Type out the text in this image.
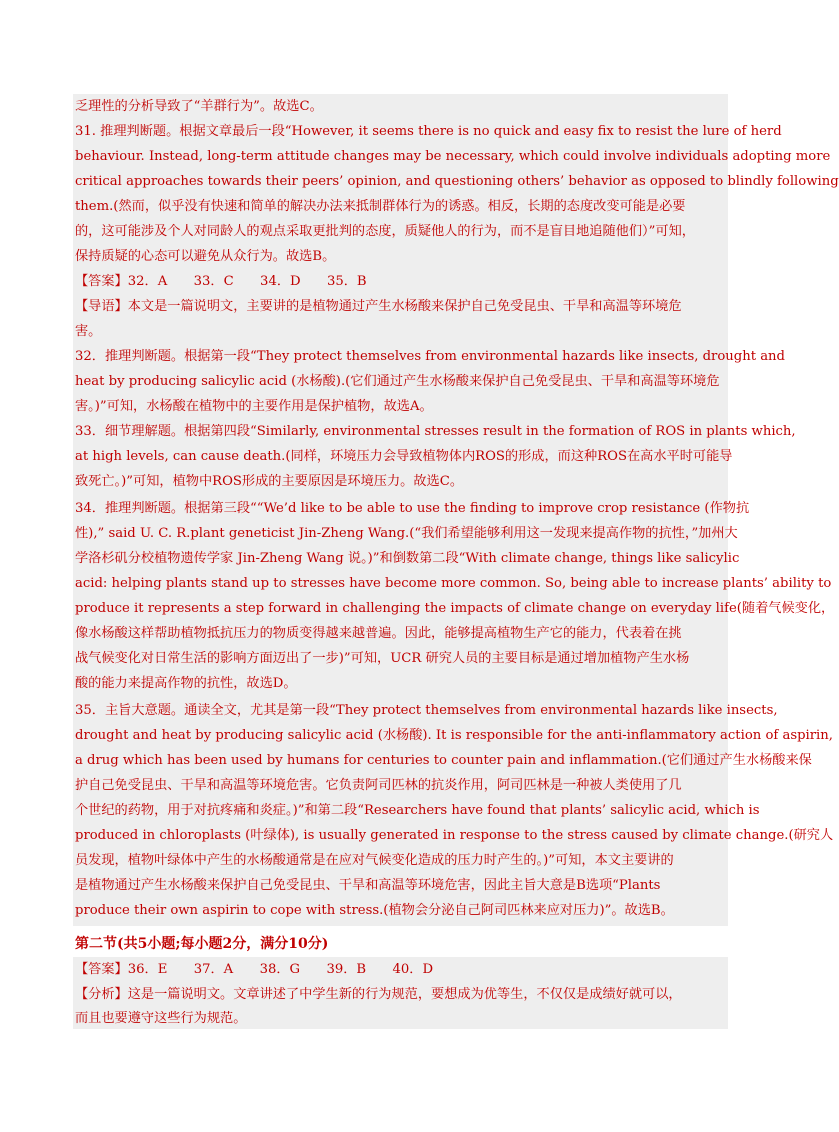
乏理性的分析导致了“羊群行为”。故选C。
31. 推理判断题。根据文章最后一段“However, it seems there is no quick and easy fix to resist the lure of herd
behaviour. Instead, long-term attitude changes may be necessary, which could involve individuals adopting more
critical approaches towards their peers’ opinion, and questioning others’ behavior as opposed to blindly following
them.(然而，似乎没有快速和简单的解决办法来抵制群体行为的诱惑。相反，长期的态度改变可能是必要
的，这可能涉及个人对同龄人的观点采取更批判的态度，质疑他人的行为，而不是盲目地追随他们）”可知，
保持质疑的心态可以避免从众行为。故选B。
【答案】32．A　　33．C　　34．D　　35．B
【导语】本文是一篇说明文，主要讲的是植物通过产生水杨酸来保护自己免受昆虫、干旱和高温等环境危
害。
32．推理判断题。根据第一段“They protect themselves from environmental hazards like insects, drought and
heat by producing salicylic acid (水杨酸).(它们通过产生水杨酸来保护自己免受昆虫、干旱和高温等环境危
害。)”可知，水杨酸在植物中的主要作用是保护植物，故选A。
33．细节理解题。根据第四段“Similarly, environmental stresses result in the formation of ROS in plants which,
at high levels, can cause death.(同样，环境压力会导致植物体内ROS的形成，而这种ROS在高水平时可能导
致死亡。)”可知，植物中ROS形成的主要原因是环境压力。故选C。
34．推理判断题。根据第三段““We’d like to be able to use the finding to improve crop resistance (作物抗
性),” said U. C. R.plant geneticist Jin-Zheng Wang.(“我们希望能够利用这一发现来提高作物的抗性，”加州大
学洛杉矶分校植物遗传学家 Jin-Zheng Wang 说。)”和倒数第二段“With climate change, things like salicylic
acid: helping plants stand up to stresses have become more common. So, being able to increase plants’ ability to
produce it represents a step forward in challenging the impacts of climate change on everyday life(随着气候变化，
像水杨酸这样帮助植物抵抗压力的物质变得越来越普遍。因此，能够提高植物生产它的能力，代表着在挑
战气候变化对日常生活的影响方面迈出了一步)”可知，UCR 研究人员的主要目标是通过增加植物产生水杨
酸的能力来提高作物的抗性，故选D。
35．主旨大意题。通读全文，尤其是第一段“They protect themselves from environmental hazards like insects,
drought and heat by producing salicylic acid (水杨酸). It is responsible for the anti-inflammatory action of aspirin,
a drug which has been used by humans for centuries to counter pain and inflammation.(它们通过产生水杨酸来保
护自己免受昆虫、干旱和高温等环境危害。它负责阿司匹林的抗炎作用，阿司匹林是一种被人类使用了几
个世纪的药物，用于对抗疼痛和炎症。)”和第二段“Researchers have found that plants’ salicylic acid, which is
produced in chloroplasts (叶绿体), is usually generated in response to the stress caused by climate change.(研究人
员发现，植物叶绿体中产生的水杨酸通常是在应对气候变化造成的压力时产生的。)”可知，本文主要讲的
是植物通过产生水杨酸来保护自己免受昆虫、干旱和高温等环境危害，因此主旨大意是B选项“Plants
produce their own aspirin to cope with stress.(植物会分泌自己阿司匹林来应对压力)”。故选B。
第二节(共5小题;每小题2分，满分10分)
【答案】36．E　　37．A　　38．G　　39．B　　40．D
【分析】这是一篇说明文。文章讲述了中学生新的行为规范，要想成为优等生，不仅仅是成绩好就可以，
而且也要遵守这些行为规范。
